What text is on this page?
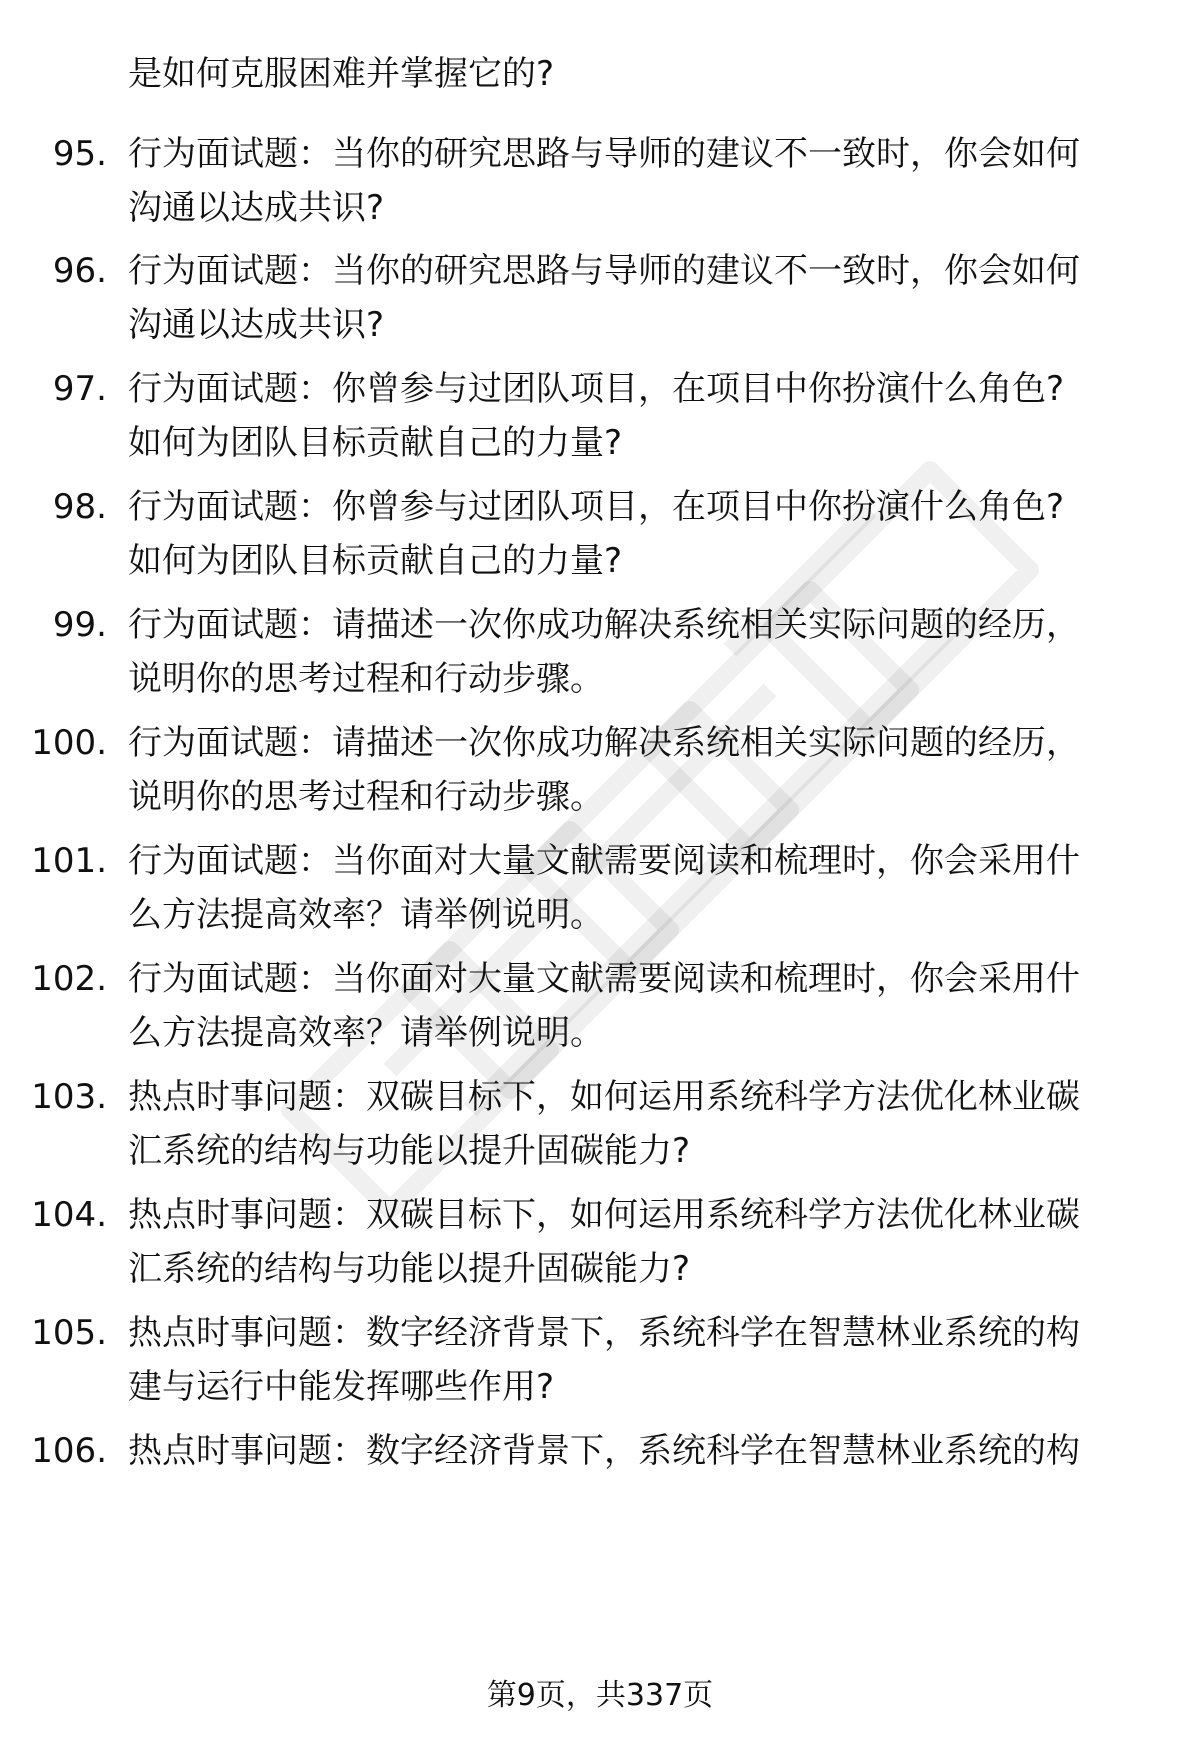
是如何克服困难并掌握它的?
95. 行为面试题：当你的研究思路与导师的建议不一致时，你会如何
沟通以达成共识?
96. 行为面试题：当你的研究思路与导师的建议不一致时，你会如何
沟通以达成共识?
97. 行为面试题：你曾参与过团队项目，在项目中你扮演什么角色?
如何为团队目标贡献自己的力量?
98. 行为面试题：你曾参与过团队项目，在项目中你扮演什么角色?
如何为团队目标贡献自己的力量?
99. 行为面试题：请描述一次你成功解决系统相关实际问题的经历，
说明你的思考过程和行动步骤。
100. 行为面试题：请描述一次你成功解决系统相关实际问题的经历，
说明你的思考过程和行动步骤。
101. 行为面试题：当你面对大量文献需要阅读和梳理时，你会采用什
么方法提高效率？请举例说明。
102. 行为面试题：当你面对大量文献需要阅读和梳理时，你会采用什
么方法提高效率？请举例说明。
103. 热点时事问题：双碳目标下，如何运用系统科学方法优化林业碳
汇系统的结构与功能以提升固碳能力?
104. 热点时事问题：双碳目标下，如何运用系统科学方法优化林业碳
汇系统的结构与功能以提升固碳能力?
105. 热点时事问题：数字经济背景下，系统科学在智慧林业系统的构
建与运行中能发挥哪些作用?
106. 热点时事问题：数字经济背景下，系统科学在智慧林业系统的构
第9页，共337页
